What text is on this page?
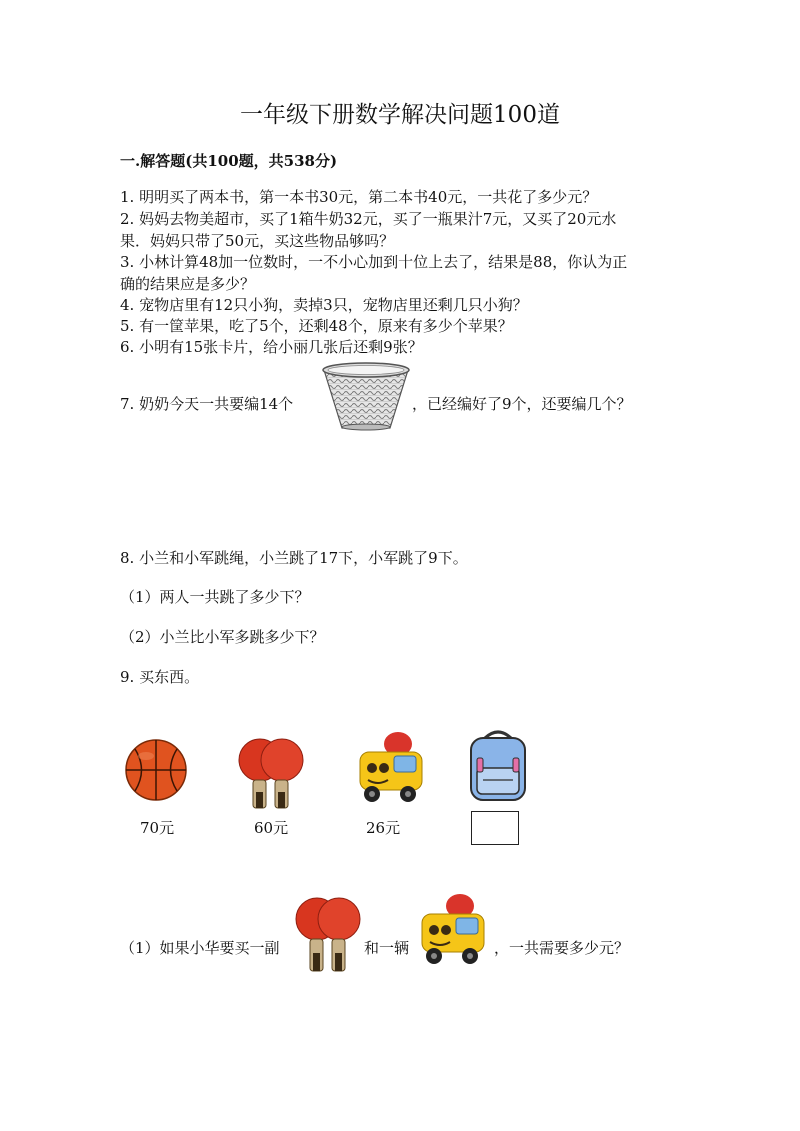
一年级下册数学解决问题100道
一.解答题(共100题，共538分)
1. 明明买了两本书，第一本书30元，第二本书40元，一共花了多少元？
2. 妈妈去物美超市，买了1箱牛奶32元，买了一瓶果汁7元，又买了20元水
果．妈妈只带了50元，买这些物品够吗？
3. 小林计算48加一位数时，一不小心加到十位上去了，结果是88，你认为正
确的结果应是多少？
4. 宠物店里有12只小狗，卖掉3只，宠物店里还剩几只小狗？
5. 有一筐苹果，吃了5个，还剩48个，原来有多少个苹果？
6. 小明有15张卡片，给小丽几张后还剩9张？
7. 奶奶今天一共要编14个	，已经编好了9个，还要编几个？
8. 小兰和小军跳绳，小兰跳了17下，小军跳了9下。
（1）两人一共跳了多少下？
（2）小兰比小军多跳多少下？
9. 买东西。
70元	60元	26元
（1）如果小华要买一副	和一辆	，一共需要多少元？
